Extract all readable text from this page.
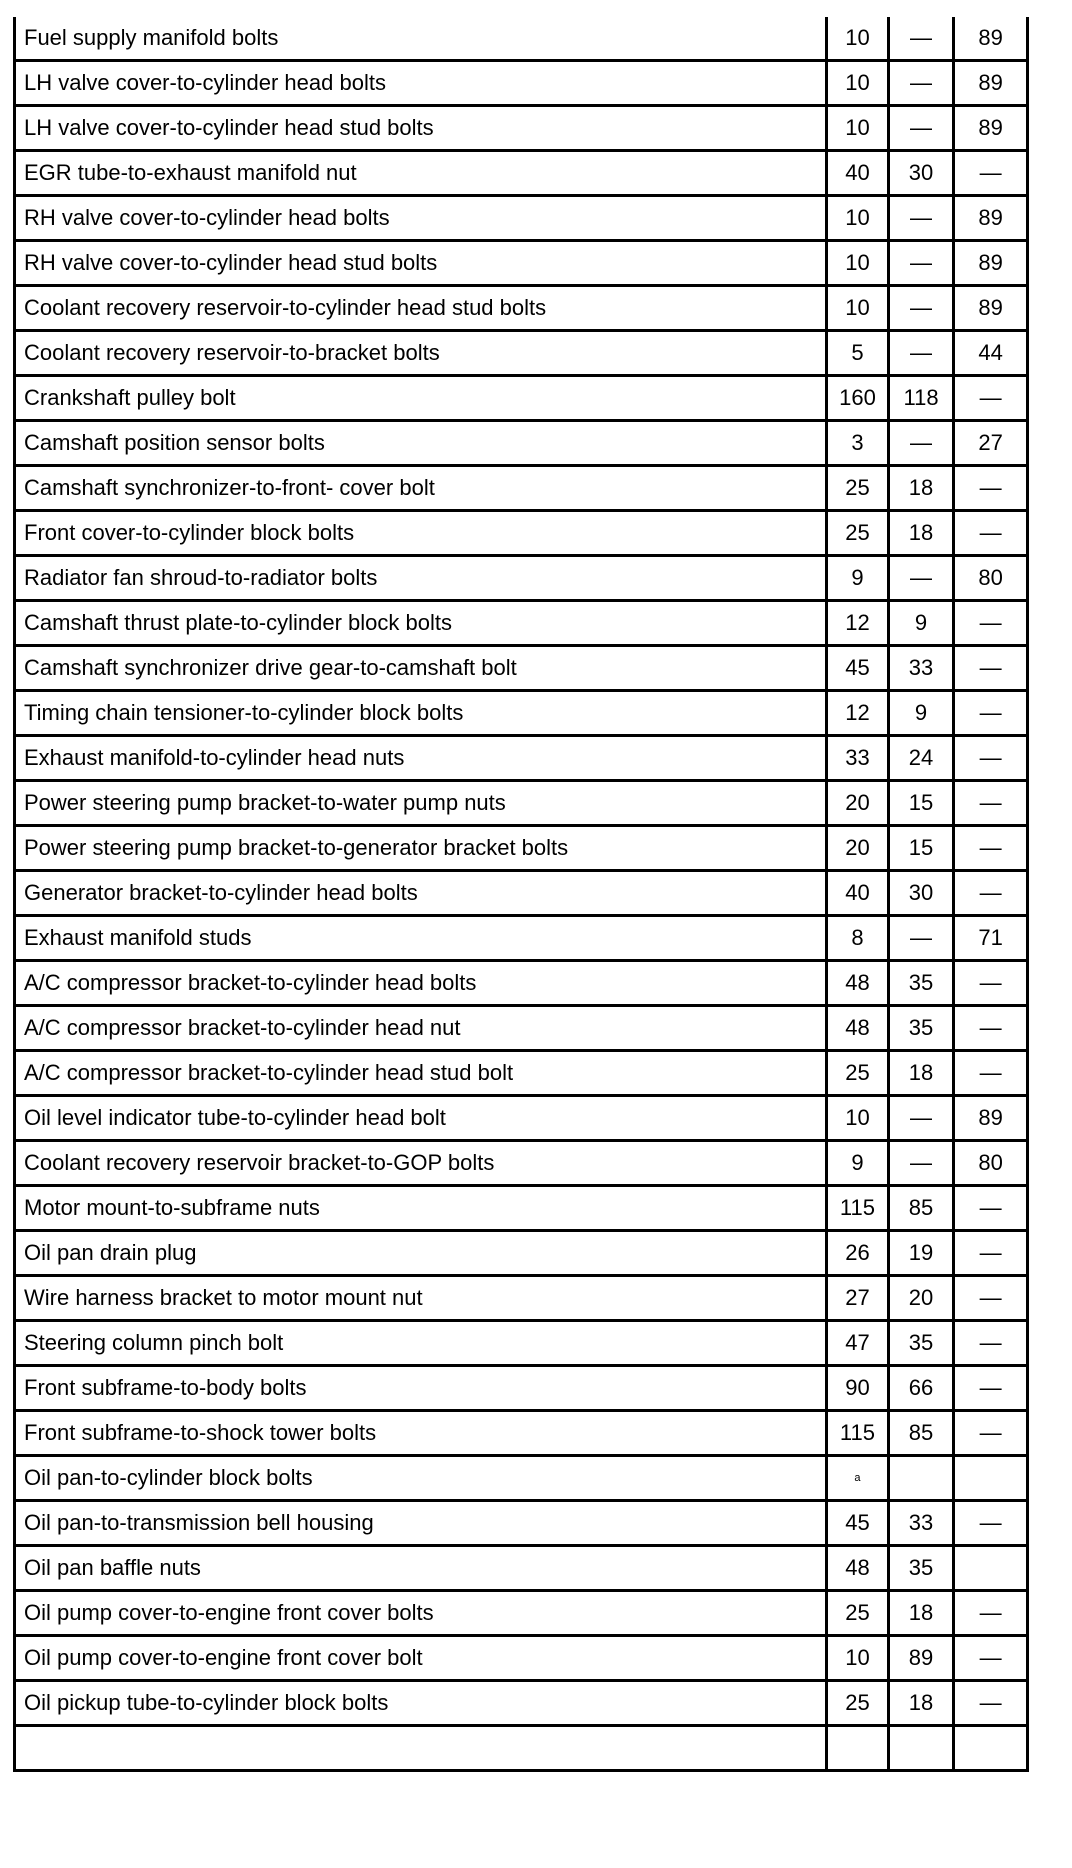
Fuel supply manifold bolts	10	—	89
LH valve cover-to-cylinder head bolts	10	—	89
LH valve cover-to-cylinder head stud bolts	10	—	89
EGR tube-to-exhaust manifold nut	40	30	—
RH valve cover-to-cylinder head bolts	10	—	89
RH valve cover-to-cylinder head stud bolts	10	—	89
Coolant recovery reservoir-to-cylinder head stud bolts	10	—	89
Coolant recovery reservoir-to-bracket bolts	5	—	44
Crankshaft pulley bolt	160	118	—
Camshaft position sensor bolts	3	—	27
Camshaft synchronizer-to-front- cover bolt	25	18	—
Front cover-to-cylinder block bolts	25	18	—
Radiator fan shroud-to-radiator bolts	9	—	80
Camshaft thrust plate-to-cylinder block bolts	12	9	—
Camshaft synchronizer drive gear-to-camshaft bolt	45	33	—
Timing chain tensioner-to-cylinder block bolts	12	9	—
Exhaust manifold-to-cylinder head nuts	33	24	—
Power steering pump bracket-to-water pump nuts	20	15	—
Power steering pump bracket-to-generator bracket bolts	20	15	—
Generator bracket-to-cylinder head bolts	40	30	—
Exhaust manifold studs	8	—	71
A/C compressor bracket-to-cylinder head bolts	48	35	—
A/C compressor bracket-to-cylinder head nut	48	35	—
A/C compressor bracket-to-cylinder head stud bolt	25	18	—
Oil level indicator tube-to-cylinder head bolt	10	—	89
Coolant recovery reservoir bracket-to-GOP bolts	9	—	80
Motor mount-to-subframe nuts	115	85	—
Oil pan drain plug	26	19	—
Wire harness bracket to motor mount nut	27	20	—
Steering column pinch bolt	47	35	—
Front subframe-to-body bolts	90	66	—
Front subframe-to-shock tower bolts	115	85	—
Oil pan-to-cylinder block bolts	a		
Oil pan-to-transmission bell housing	45	33	—
Oil pan baffle nuts	48	35	
Oil pump cover-to-engine front cover bolts	25	18	—
Oil pump cover-to-engine front cover bolt	10	89	—
Oil pickup tube-to-cylinder block bolts	25	18	—
